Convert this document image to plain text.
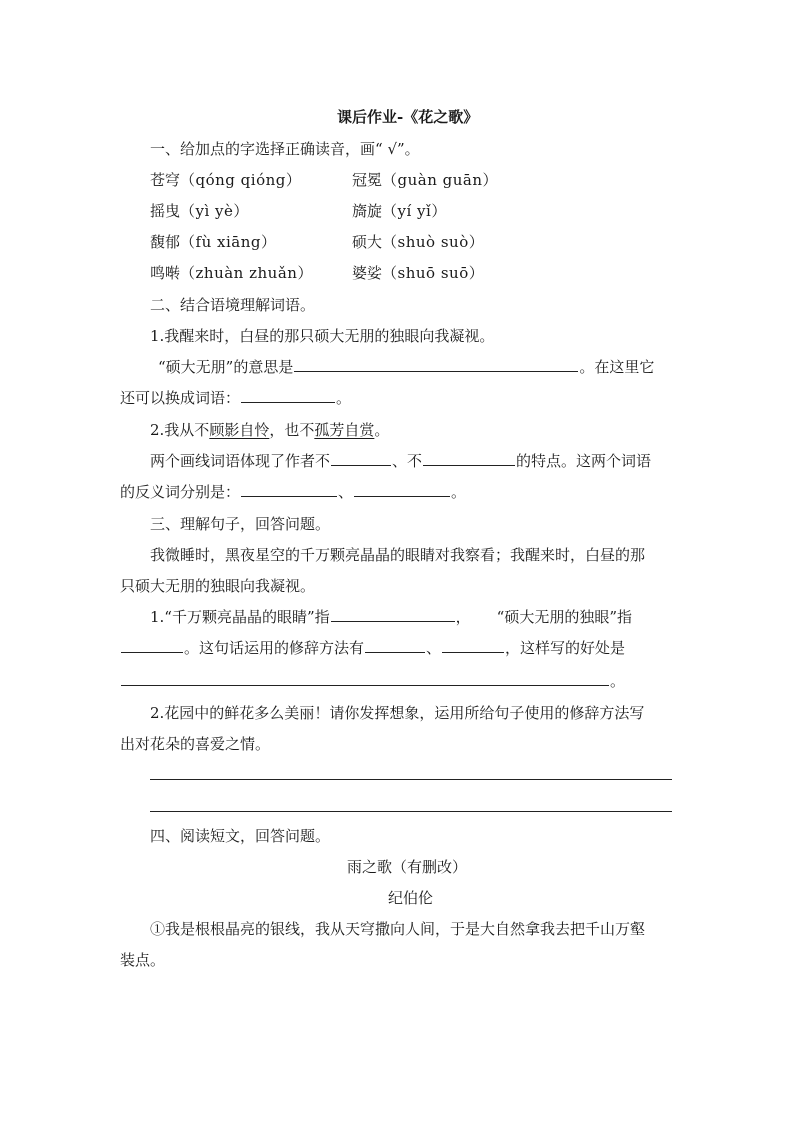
课后作业-《花之歌》
一、给加点的字选择正确读音，画“ √”。
苍穹（qóng qióng）	冠冕（guàn guān）
摇曳（yì yè）	旖旋（yí yǐ）
馥郁（fù xiāng）	硕大（shuò suò）
鸣啭（zhuàn zhuǎn）	婆娑（shuō suō）
二、结合语境理解词语。
1.我醒来时，白昼的那只硕大无朋的独眼向我凝视。
“硕大无朋”的意思是	。在这里它
还可以换成词语：	。
2.我从不顾影自怜，也不孤芳自赏。
两个画线词语体现了作者不	、不	的特点。这两个词语
的反义词分别是：	、	。
三、理解句子，回答问题。
我微睡时，黑夜星空的千万颗亮晶晶的眼睛对我察看；我醒来时，白昼的那
只硕大无朋的独眼向我凝视。
1.“千万颗亮晶晶的眼睛”指	， “硕大无朋的独眼”指
。这句话运用的修辞方法有	、	，这样写的好处是
。
2.花园中的鲜花多么美丽！请你发挥想象，运用所给句子使用的修辞方法写
出对花朵的喜爱之情。
四、阅读短文，回答问题。
雨之歌（有删改）
纪伯伦
①我是根根晶亮的银线，我从天穹撒向人间，于是大自然拿我去把千山万壑
装点。
